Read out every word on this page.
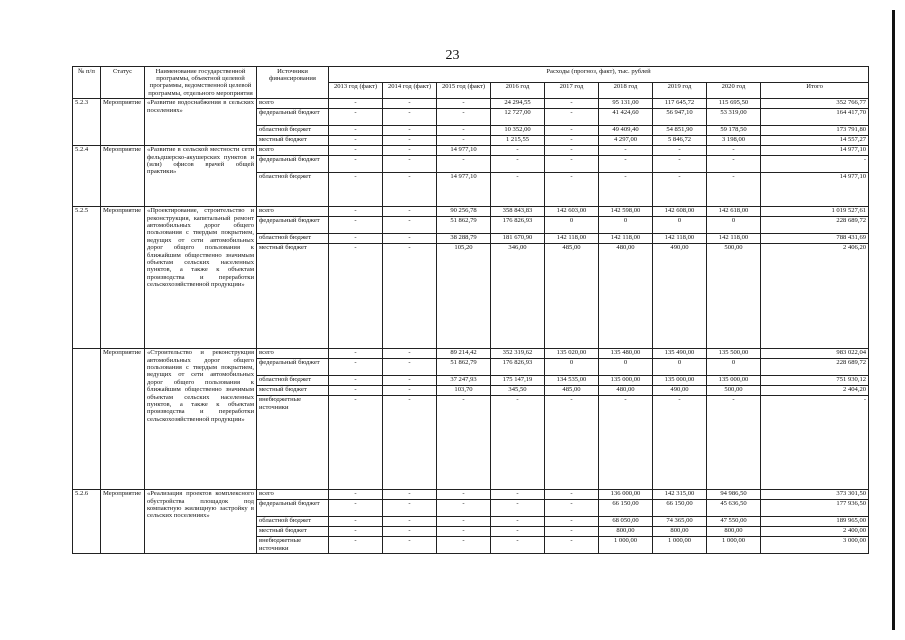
23
№ п/п	Статус	Наименование государственной программы, объектной целевой программы, ведомственной целевой программы, отдельного мероприятия	Источники финансирования	Расходы (прогноз, факт), тыс. рублей								
				2013 год (факт)	2014 год (факт)	2015 год (факт)	2016 год	2017 год	2018 год	2019 год	2020 год	Итого
5.2.3	Мероприятие	«Развитие водоснабжения в сельских поселениях»	всего	-	-	-	24 294,55	-	95 131,00	117 645,72	115 695,50	352 766,77
			федеральный бюджет	-	-	-	12 727,00	-	41 424,60	56 947,10	53 319,00	164 417,70
			областной бюджет	-	-	-	10 352,00	-	49 409,40	54 851,90	59 178,50	173 791,80
			местный бюджет	-	-	-	1 215,55	-	4 297,00	5 846,72	3 198,00	14 557,27
5.2.4	Мероприятие	«Развитие в сельской местности сети фельдшерско-акушерских пунктов и (или) офисов врачей общей практики»	всего	-	-	14 977,10	-	-	-	-	-	14 977,10
			федеральный бюджет	-	-	-	-	-	-	-	-	-
			областной бюджет	-	-	14 977,10	-	-	-	-	-	14 977,10
5.2.5	Мероприятие	«Проектирование, строительство и реконструкция, капитальный ремонт автомобильных дорог общего пользования с твердым покрытием, ведущих от сети автомобильных дорог общего пользования к ближайшим общественно значимым объектам сельских населенных пунктов, а также к объектам производства и переработки сельскохозяйственной продукции»	всего	-	-	90 256,78	358 843,83	142 603,00	142 598,00	142 608,00	142 618,00	1 019 527,61
			федеральный бюджет	-	-	51 862,79	176 826,93	0	0	0	0	228 689,72
			областной бюджет	-	-	38 288,79	181 670,90	142 118,00	142 118,00	142 118,00	142 118,00	788 431,69
			местный бюджет	-	-	105,20	346,00	485,00	480,00	490,00	500,00	2 406,20
	Мероприятие	«Строительство и реконструкция автомобильных дорог общего пользования с твердым покрытием, ведущих от сети автомобильных дорог общего пользования к ближайшим общественно значимым объектам сельских населенных пунктов, а также к объектам производства и переработки сельскохозяйственной продукции»	всего	-	-	89 214,42	352 319,62	135 020,00	135 480,00	135 490,00	135 500,00	983 022,04
			федеральный бюджет	-	-	51 862,79	176 826,93	0	0	0	0	228 689,72
			областной бюджет	-	-	37 247,93	175 147,19	134 535,00	135 000,00	135 000,00	135 000,00	751 930,12
			местный бюджет	-	-	103,70	345,50	485,00	480,00	490,00	500,00	2 404,20
			внебюджетные источники	-	-	-	-	-	-	-	-	-
5.2.6	Мероприятие	«Реализация проектов комплексного обустройства площадок под компактную жилищную застройку в сельских поселениях»	всего	-	-	-	-	-	136 000,00	142 315,00	94 986,50	373 301,50
			федеральный бюджет	-	-	-	-	-	66 150,00	66 150,00	45 636,50	177 936,50
			областной бюджет	-	-	-	-	-	68 050,00	74 365,00	47 550,00	189 965,00
			местный бюджет	-	-	-	-	-	800,00	800,00	800,00	2 400,00
			внебюджетные источники	-	-	-	-	-	1 000,00	1 000,00	1 000,00	3 000,00
